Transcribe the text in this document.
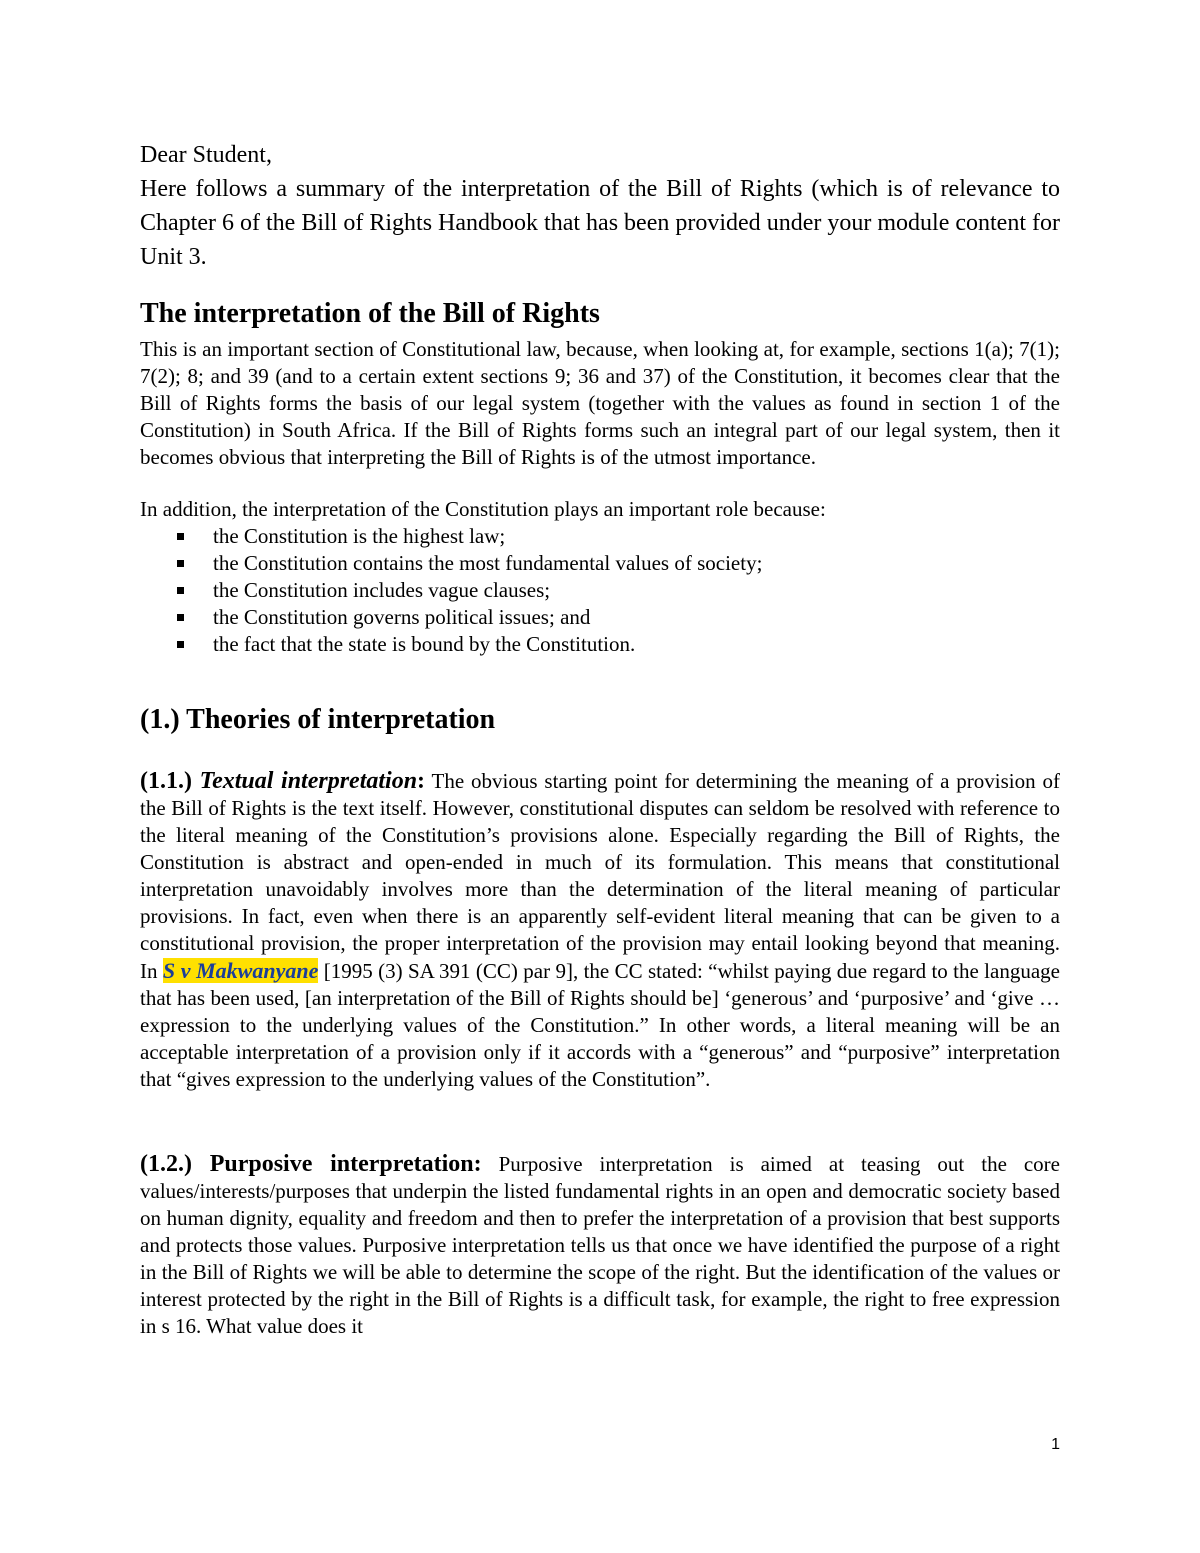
Dear Student,

Here follows a summary of the interpretation of the Bill of Rights (which is of relevance to Chapter 6 of the Bill of Rights Handbook that has been provided under your module content for Unit 3.

The interpretation of the Bill of Rights

This is an important section of Constitutional law, because, when looking at, for example, sections 1(a); 7(1); 7(2); 8; and 39 (and to a certain extent sections 9; 36 and 37) of the Constitution, it becomes clear that the Bill of Rights forms the basis of our legal system (together with the values as found in section 1 of the Constitution) in South Africa. If the Bill of Rights forms such an integral part of our legal system, then it becomes obvious that interpreting the Bill of Rights is of the utmost importance.

In addition, the interpretation of the Constitution plays an important role because:

the Constitution is the highest law;
the Constitution contains the most fundamental values of society;
the Constitution includes vague clauses;
the Constitution governs political issues; and
the fact that the state is bound by the Constitution.
(1.) Theories of interpretation

(1.1.) Textual interpretation: The obvious starting point for determining the meaning of a provision of the Bill of Rights is the text itself. However, constitutional disputes can seldom be resolved with reference to the literal meaning of the Constitution’s provisions alone. Especially regarding the Bill of Rights, the Constitution is abstract and open-ended in much of its formulation. This means that constitutional interpretation unavoidably involves more than the determination of the literal meaning of particular provisions. In fact, even when there is an apparently self-evident literal meaning that can be given to a constitutional provision, the proper interpretation of the provision may entail looking beyond that meaning. In S v Makwanyane [1995 (3) SA 391 (CC) par 9], the CC stated: “whilst paying due regard to the language that has been used, [an interpretation of the Bill of Rights should be] ‘generous’ and ‘purposive’ and ‘give … expression to the underlying values of the Constitution.” In other words, a literal meaning will be an acceptable interpretation of a provision only if it accords with a “generous” and “purposive” interpretation that “gives expression to the underlying values of the Constitution”.

(1.2.) Purposive interpretation: Purposive interpretation is aimed at teasing out the core values/interests/purposes that underpin the listed fundamental rights in an open and democratic society based on human dignity, equality and freedom and then to prefer the interpretation of a provision that best supports and protects those values. Purposive interpretation tells us that once we have identified the purpose of a right in the Bill of Rights we will be able to determine the scope of the right. But the identification of the values or interest protected by the right in the Bill of Rights is a difficult task, for example, the right to free expression in s 16. What value does it

1
